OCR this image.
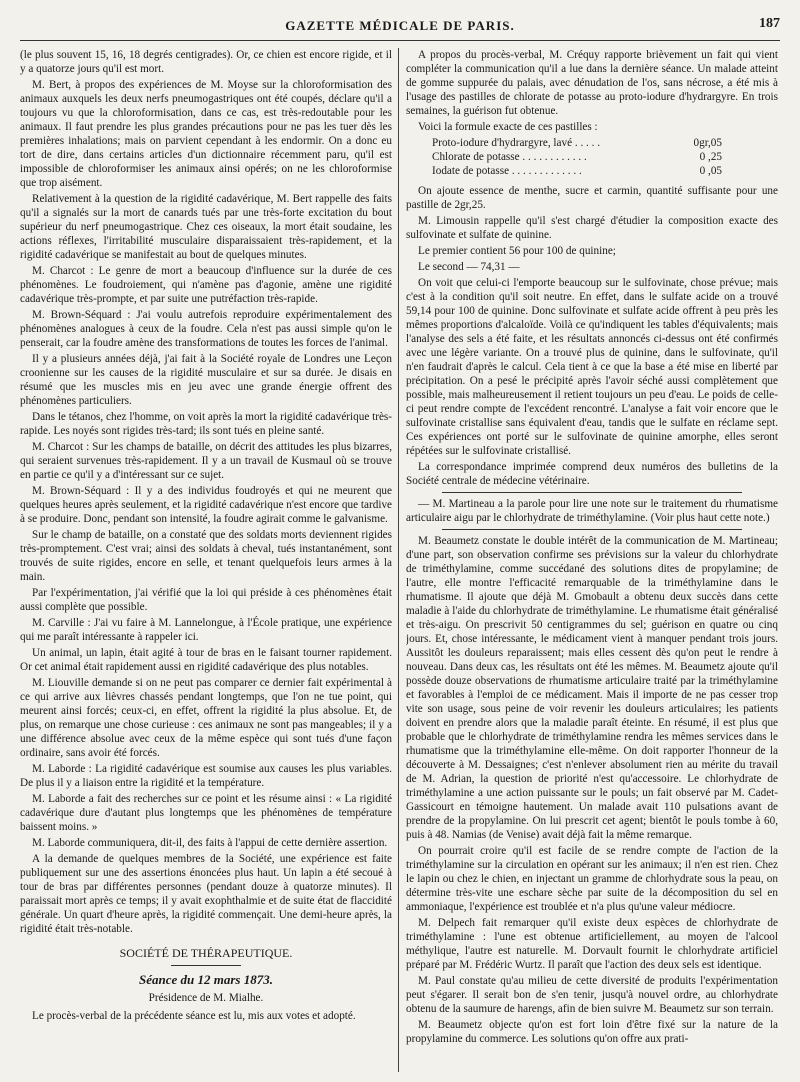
GAZETTE MÉDICALE DE PARIS.	187

(le plus souvent 15, 16, 18 degrés centigrades). Or, ce chien est encore rigide, et il y a quatorze jours qu'il est mort.

M. Bert, à propos des expériences de M. Moyse sur la chloroformisation des animaux auxquels les deux nerfs pneumogastriques ont été coupés, déclare qu'il a toujours vu que la chloroformisation, dans ce cas, est très-redoutable pour les animaux. Il faut prendre les plus grandes précautions pour ne pas les tuer dès les premières inhalations; mais on parvient cependant à les endormir. On a donc eu tort de dire, dans certains articles d'un dictionnaire récemment paru, qu'il est impossible de chloroformiser les animaux ainsi opérés; on ne les chloroformise que trop aisément.

Relativement à la question de la rigidité cadavérique, M. Bert rappelle des faits qu'il a signalés sur la mort de canards tués par une très-forte excitation du bout supérieur du nerf pneumogastrique. Chez ces oiseaux, la mort était soudaine, les actions réflexes, l'irritabilité musculaire disparaissaient très-rapidement, et la rigidité cadavérique se manifestait au bout de quelques minutes.

M. Charcot : Le genre de mort a beaucoup d'influence sur la durée de ces phénomènes. Le foudroiement, qui n'amène pas d'agonie, amène une rigidité cadavérique très-prompte, et par suite une putréfaction très-rapide.

M. Brown-Séquard : J'ai voulu autrefois reproduire expérimentalement des phénomènes analogues à ceux de la foudre. Cela n'est pas aussi simple qu'on le penserait, car la foudre amène des transformations de toutes les forces de l'animal.

Il y a plusieurs années déjà, j'ai fait à la Société royale de Londres une Leçon croonienne sur les causes de la rigidité musculaire et sur sa durée. Je disais en résumé que les muscles mis en jeu avec une grande énergie offrent des phénomènes particuliers.

Dans le tétanos, chez l'homme, on voit après la mort la rigidité cadavérique très-rapide. Les noyés sont rigides très-tard; ils sont tués en pleine santé.

M. Charcot : Sur les champs de bataille, on décrit des attitudes les plus bizarres, qui seraient survenues très-rapidement. Il y a un travail de Kusmaul où se trouve en partie ce qu'il y a d'intéressant sur ce sujet.

M. Brown-Séquard : Il y a des individus foudroyés et qui ne meurent que quelques heures après seulement, et la rigidité cadavérique n'est encore que tardive à se produire. Donc, pendant son intensité, la foudre agirait comme le galvanisme.

Sur le champ de bataille, on a constaté que des soldats morts deviennent rigides très-promptement. C'est vrai; ainsi des soldats à cheval, tués instantanément, sont trouvés de suite rigides, encore en selle, et tenant quelquefois leurs armes à la main.

Par l'expérimentation, j'ai vérifié que la loi qui préside à ces phénomènes était aussi complète que possible.

M. Carville : J'ai vu faire à M. Lannelongue, à l'École pratique, une expérience qui me paraît intéressante à rappeler ici.

Un animal, un lapin, était agité à tour de bras en le faisant tourner rapidement. Or cet animal était rapidement aussi en rigidité cadavérique des plus notables.

M. Liouville demande si on ne peut pas comparer ce dernier fait expérimental à ce qui arrive aux lièvres chassés pendant longtemps, que l'on ne tue point, qui meurent ainsi forcés; ceux-ci, en effet, offrent la rigidité la plus absolue. Et, de plus, on remarque une chose curieuse : ces animaux ne sont pas mangeables; il y a une différence absolue avec ceux de la même espèce qui sont tués d'une façon ordinaire, sans avoir été forcés.

M. Laborde : La rigidité cadavérique est soumise aux causes les plus variables. De plus il y a liaison entre la rigidité et la température.

M. Laborde a fait des recherches sur ce point et les résume ainsi : « La rigidité cadavérique dure d'autant plus longtemps que les phénomènes de température baissent moins. »

M. Laborde communiquera, dit-il, des faits à l'appui de cette dernière assertion.

A la demande de quelques membres de la Société, une expérience est faite publiquement sur une des assertions énoncées plus haut. Un lapin a été secoué à tour de bras par différentes personnes (pendant douze à quatorze minutes). Il paraissait mort après ce temps; il y avait exophthalmie et de suite état de flaccidité générale. Un quart d'heure après, la rigidité commençait. Une demi-heure après, la rigidité était très-notable.

SOCIÉTÉ DE THÉRAPEUTIQUE.

Séance du 12 mars 1873.

Présidence de M. Mialhe.

Le procès-verbal de la précédente séance est lu, mis aux votes et adopté.

A propos du procès-verbal, M. Créquy rapporte brièvement un fait qui vient compléter la communication qu'il a lue dans la dernière séance. Un malade atteint de gomme suppurée du palais, avec dénudation de l'os, sans nécrose, a été mis à l'usage des pastilles de chlorate de potasse au proto-iodure d'hydrargyre. En trois semaines, la guérison fut obtenue.

Voici la formule exacte de ces pastilles :

Proto-iodure d'hydrargyre, lavé . . . . .	0gr,05
Chlorate de potasse . . . . . . . . . . . .	0 ,25
Iodate de potasse . . . . . . . . . . . . .	0 ,05

On ajoute essence de menthe, sucre et carmin, quantité suffisante pour une pastille de 2gr,25.

M. Limousin rappelle qu'il s'est chargé d'étudier la composition exacte des sulfovinate et sulfate de quinine.

Le premier contient 56 pour 100 de quinine;

Le second — 74,31 —

On voit que celui-ci l'emporte beaucoup sur le sulfovinate, chose prévue; mais c'est à la condition qu'il soit neutre. En effet, dans le sulfate acide on a trouvé 59,14 pour 100 de quinine. Donc sulfovinate et sulfate acide offrent à peu près les mêmes proportions d'alcaloïde. Voilà ce qu'indiquent les tables d'équivalents; mais l'analyse des sels a été faite, et les résultats annoncés ci-dessus ont été confirmés avec une légère variante. On a trouvé plus de quinine, dans le sulfovinate, qu'il n'en faudrait d'après le calcul. Cela tient à ce que la base a été mise en liberté par précipitation. On a pesé le précipité après l'avoir séché aussi complètement que possible, mais malheureusement il retient toujours un peu d'eau. Le poids de celle-ci peut rendre compte de l'excédent rencontré. L'analyse a fait voir encore que le sulfovinate cristallise sans équivalent d'eau, tandis que le sulfate en réclame sept. Ces expériences ont porté sur le sulfovinate de quinine amorphe, elles seront répétées sur le sulfovinate cristallisé.

La correspondance imprimée comprend deux numéros des bulletins de la Société centrale de médecine vétérinaire.

— M. Martineau a la parole pour lire une note sur le traitement du rhumatisme articulaire aigu par le chlorhydrate de triméthylamine. (Voir plus haut cette note.)

M. Beaumetz constate le double intérêt de la communication de M. Martineau; d'une part, son observation confirme ses prévisions sur la valeur du chlorhydrate de triméthylamine, comme succédané des solutions dites de propylamine; de l'autre, elle montre l'efficacité remarquable de la triméthylamine dans le rhumatisme. Il ajoute que déjà M. Gmobault a obtenu deux succès dans cette maladie à l'aide du chlorhydrate de triméthylamine. Le rhumatisme était généralisé et très-aigu. On prescrivit 50 centigrammes du sel; guérison en quatre ou cinq jours. Et, chose intéressante, le médicament vient à manquer pendant trois jours. Aussitôt les douleurs reparaissent; mais elles cessent dès qu'on peut le rendre à nouveau. Dans deux cas, les résultats ont été les mêmes. M. Beaumetz ajoute qu'il possède douze observations de rhumatisme articulaire traité par la triméthylamine et favorables à l'emploi de ce médicament. Mais il importe de ne pas cesser trop vite son usage, sous peine de voir revenir les douleurs articulaires; les patients doivent en prendre alors que la maladie paraît éteinte. En résumé, il est plus que probable que le chlorhydrate de triméthylamine rendra les mêmes services dans le rhumatisme que la triméthylamine elle-même. On doit rapporter l'honneur de la découverte à M. Dessaignes; c'est n'enlever absolument rien au mérite du travail de M. Adrian, la question de priorité n'est qu'accessoire. Le chlorhydrate de triméthylamine a une action puissante sur le pouls; un fait observé par M. Cadet-Gassicourt en témoigne hautement. Un malade avait 110 pulsations avant de prendre de la propylamine. On lui prescrit cet agent; bientôt le pouls tombe à 60, puis à 48. Namias (de Venise) avait déjà fait la même remarque.

On pourrait croire qu'il est facile de se rendre compte de l'action de la triméthylamine sur la circulation en opérant sur les animaux; il n'en est rien. Chez le lapin ou chez le chien, en injectant un gramme de chlorhydrate sous la peau, on détermine très-vite une eschare sèche par suite de la décomposition du sel en ammoniaque, l'expérience est troublée et n'a plus qu'une valeur médiocre.

M. Delpech fait remarquer qu'il existe deux espèces de chlorhydrate de triméthylamine : l'une est obtenue artificiellement, au moyen de l'alcool méthylique, l'autre est naturelle. M. Dorvault fournit le chlorhydrate artificiel préparé par M. Frédéric Wurtz. Il paraît que l'action des deux sels est identique.

M. Paul constate qu'au milieu de cette diversité de produits l'expérimentation peut s'égarer. Il serait bon de s'en tenir, jusqu'à nouvel ordre, au chlorhydrate obtenu de la saumure de harengs, afin de bien suivre M. Beaumetz sur son terrain.

M. Beaumetz objecte qu'on est fort loin d'être fixé sur la nature de la propylamine du commerce. Les solutions qu'on offre aux prati-
